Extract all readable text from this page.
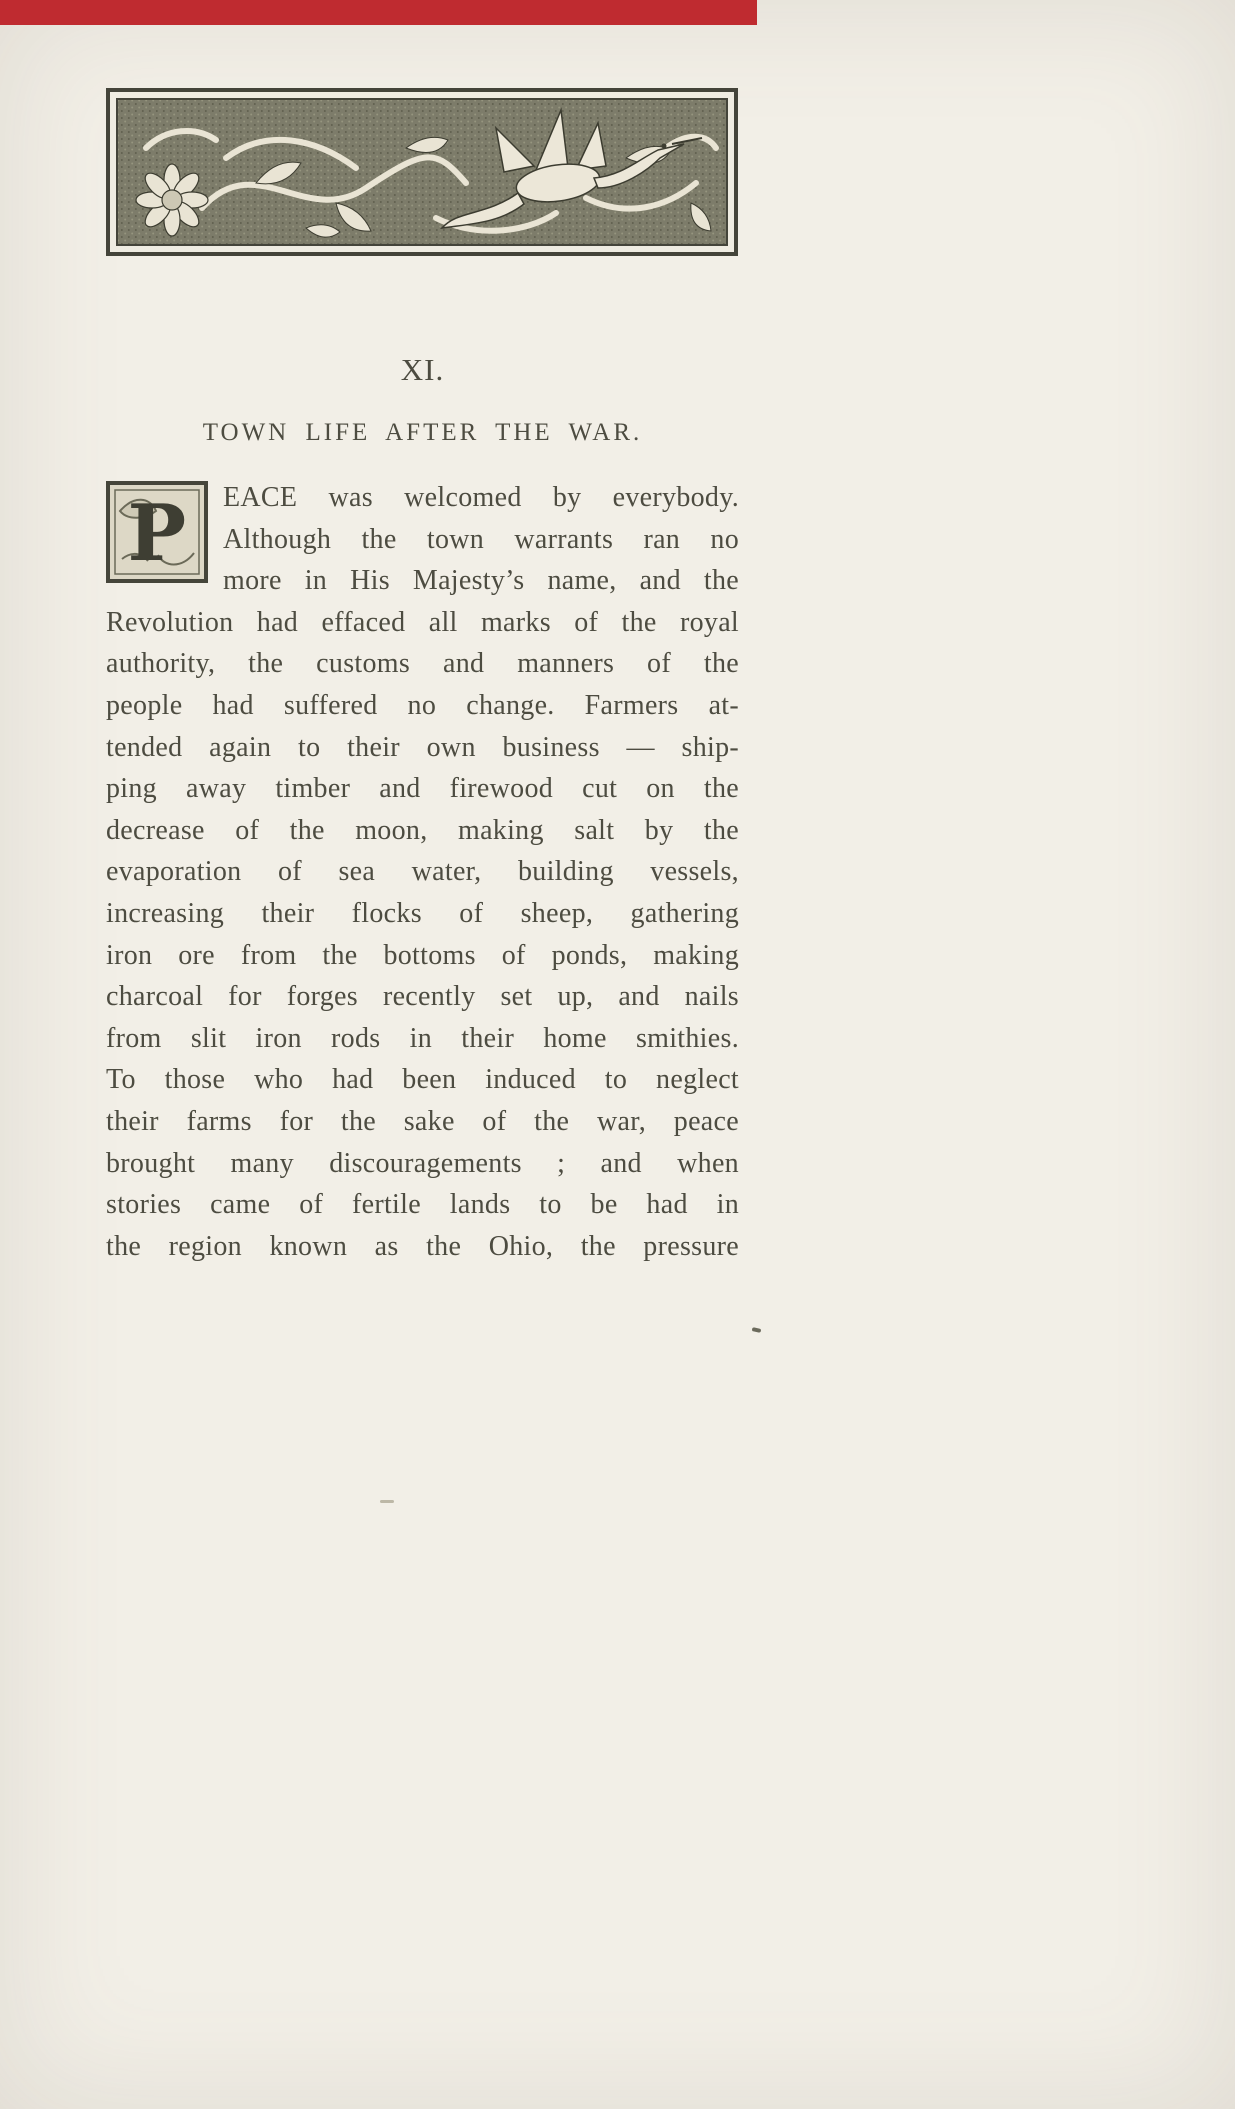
XI.
TOWN LIFE AFTER THE WAR.
P	EACE was welcomed by everybody.
Although the town warrants ran no
more in His Majesty’s name, and the
Revolution had effaced all marks of the royal
authority, the customs and manners of the
people had suffered no change. Farmers at-
tended again to their own business — ship-
ping away timber and firewood cut on the
decrease of the moon, making salt by the
evaporation of sea water, building vessels,
increasing their flocks of sheep, gathering
iron ore from the bottoms of ponds, making
charcoal for forges recently set up, and nails
from slit iron rods in their home smithies.
To those who had been induced to neglect
their farms for the sake of the war, peace
brought many discouragements ; and when
stories came of fertile lands to be had in
the region known as the Ohio, the pressure
